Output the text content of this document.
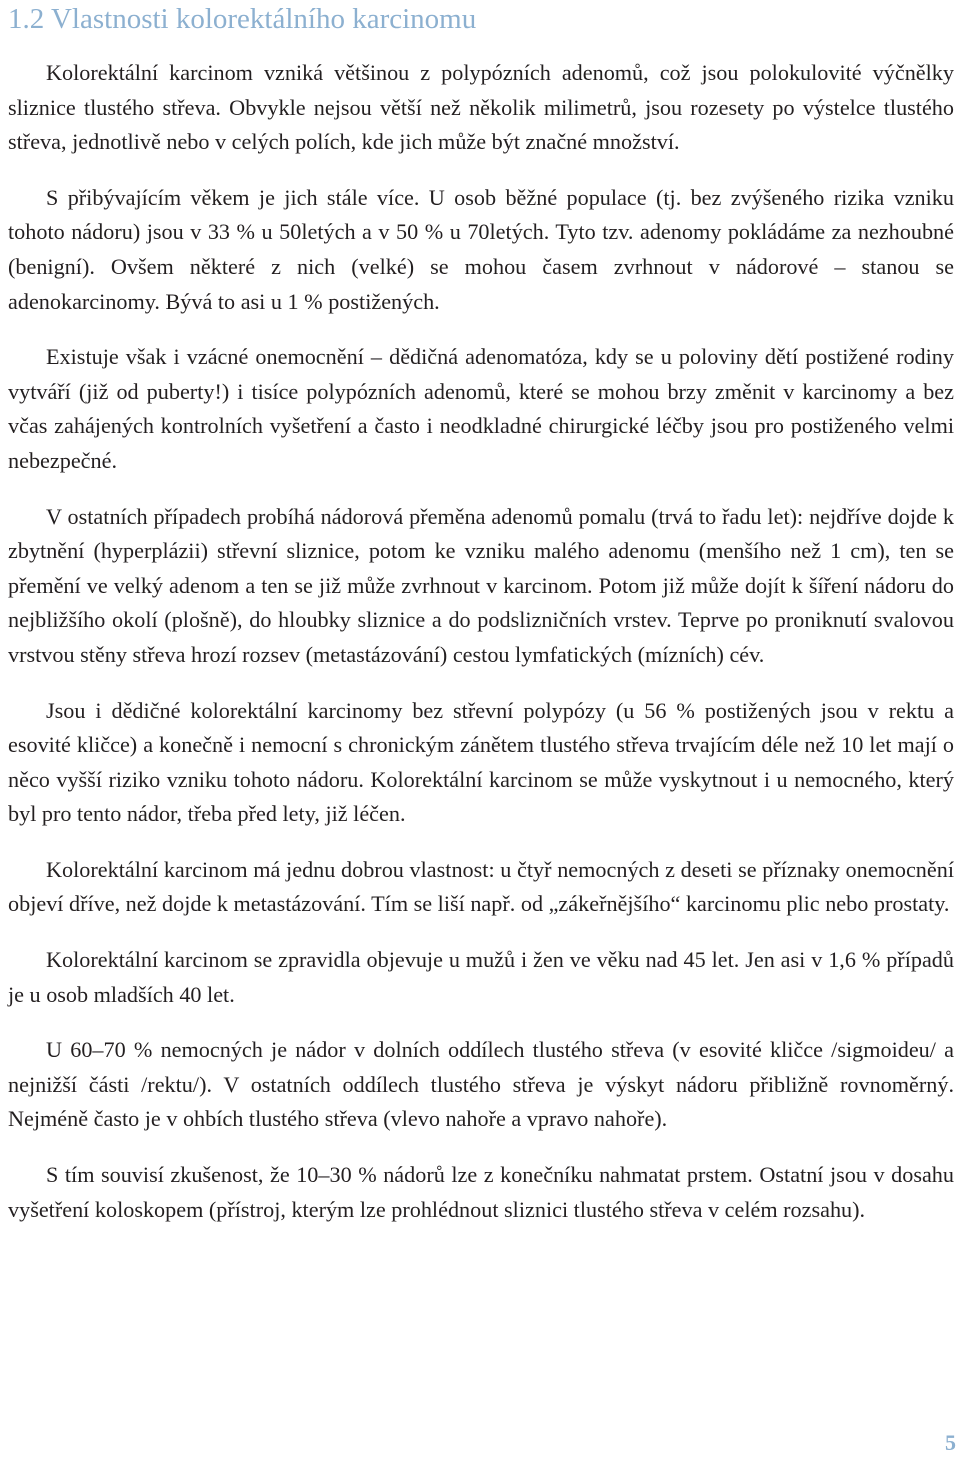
1.2 Vlastnosti kolorektálního karcinomu

Kolorektální karcinom vzniká většinou z polypózních adenomů, což jsou polokulovité výčnělky sliznice tlustého střeva. Obvykle nejsou větší než několik milimetrů, jsou rozesety po výstelce tlustého střeva, jednotlivě nebo v celých polích, kde jich může být značné množství.

S přibývajícím věkem je jich stále více. U osob běžné populace (tj. bez zvýšeného rizika vzniku tohoto nádoru) jsou v 33 % u 50letých a v 50 % u 70letých. Tyto tzv. adenomy pokládáme za nezhoubné (benigní). Ovšem některé z nich (velké) se mohou časem zvrhnout v nádorové – stanou se adenokarcinomy. Bývá to asi u 1 % postižených.

Existuje však i vzácné onemocnění – dědičná adenomatóza, kdy se u poloviny dětí postižené rodiny vytváří (již od puberty!) i tisíce polypózních adenomů, které se mohou brzy změnit v karcinomy a bez včas zahájených kontrolních vyšetření a často i neodkladné chirurgické léčby jsou pro postiženého velmi nebezpečné.

V ostatních případech probíhá nádorová přeměna adenomů pomalu (trvá to řadu let): nejdříve dojde k zbytnění (hyperplázii) střevní sliznice, potom ke vzniku malého adenomu (menšího než 1 cm), ten se přemění ve velký adenom a ten se již může zvrhnout v karcinom. Potom již může dojít k šíření nádoru do nejbližšího okolí (plošně), do hloubky sliznice a do podslizničních vrstev. Teprve po proniknutí svalovou vrstvou stěny střeva hrozí rozsev (metastázování) cestou lymfatických (mízních) cév.

Jsou i dědičné kolorektální karcinomy bez střevní polypózy (u 56 % postižených jsou v rektu a esovité kličce) a konečně i nemocní s chronickým zánětem tlustého střeva trvajícím déle než 10 let mají o něco vyšší riziko vzniku tohoto nádoru. Kolorektální karcinom se může vyskytnout i u nemocného, který byl pro tento nádor, třeba před lety, již léčen.

Kolorektální karcinom má jednu dobrou vlastnost: u čtyř nemocných z deseti se příznaky onemocnění objeví dříve, než dojde k metastázování. Tím se liší např. od „zákeřnějšího“ karcinomu plic nebo prostaty.

Kolorektální karcinom se zpravidla objevuje u mužů i žen ve věku nad 45 let. Jen asi v 1,6 % případů je u osob mladších 40 let.

U 60–70 % nemocných je nádor v dolních oddílech tlustého střeva (v esovité kličce /sigmoideu/ a nejnižší části /rektu/). V ostatních oddílech tlustého střeva je výskyt nádoru přibližně rovnoměrný. Nejméně často je v ohbích tlustého střeva (vlevo nahoře a vpravo nahoře).

S tím souvisí zkušenost, že 10–30 % nádorů lze z konečníku nahmatat prstem. Ostatní jsou v dosahu vyšetření koloskopem (přístroj, kterým lze prohlédnout sliznici tlustého střeva v celém rozsahu).

5
